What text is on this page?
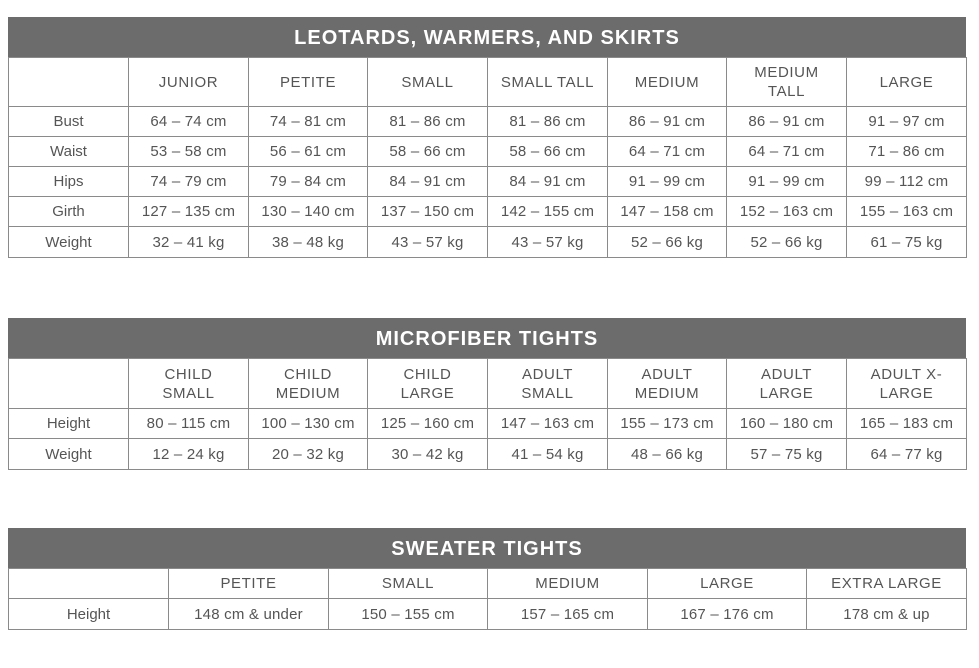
LEOTARDS, WARMERS, AND SKIRTS
	JUNIOR	PETITE	SMALL	SMALL TALL	MEDIUM	MEDIUM TALL	LARGE
Bust	64 – 74 cm	74 – 81 cm	81 – 86 cm	81 – 86 cm	86 – 91 cm	86 – 91 cm	91 – 97 cm
Waist	53 – 58 cm	56 – 61 cm	58 – 66 cm	58 – 66 cm	64 – 71 cm	64 – 71 cm	71 – 86 cm
Hips	74 – 79 cm	79 – 84 cm	84 – 91 cm	84 – 91 cm	91 – 99 cm	91 – 99 cm	99 – 112 cm
Girth	127 – 135 cm	130 – 140 cm	137 – 150 cm	142 – 155 cm	147 – 158 cm	152 – 163 cm	155 – 163 cm
Weight	32 – 41 kg	38 – 48 kg	43 – 57 kg	43 – 57 kg	52 – 66 kg	52 – 66 kg	61 – 75 kg
MICROFIBER TIGHTS
	CHILD SMALL	CHILD MEDIUM	CHILD LARGE	ADULT SMALL	ADULT MEDIUM	ADULT LARGE	ADULT X-LARGE
Height	80 – 115 cm	100 – 130 cm	125 – 160 cm	147 – 163 cm	155 – 173 cm	160 – 180 cm	165 – 183 cm
Weight	12 – 24 kg	20 – 32 kg	30 – 42 kg	41 – 54 kg	48 – 66 kg	57 – 75 kg	64 – 77 kg
SWEATER TIGHTS
	PETITE	SMALL	MEDIUM	LARGE	EXTRA LARGE
Height	148 cm & under	150 – 155 cm	157 – 165 cm	167 – 176 cm	178 cm & up
